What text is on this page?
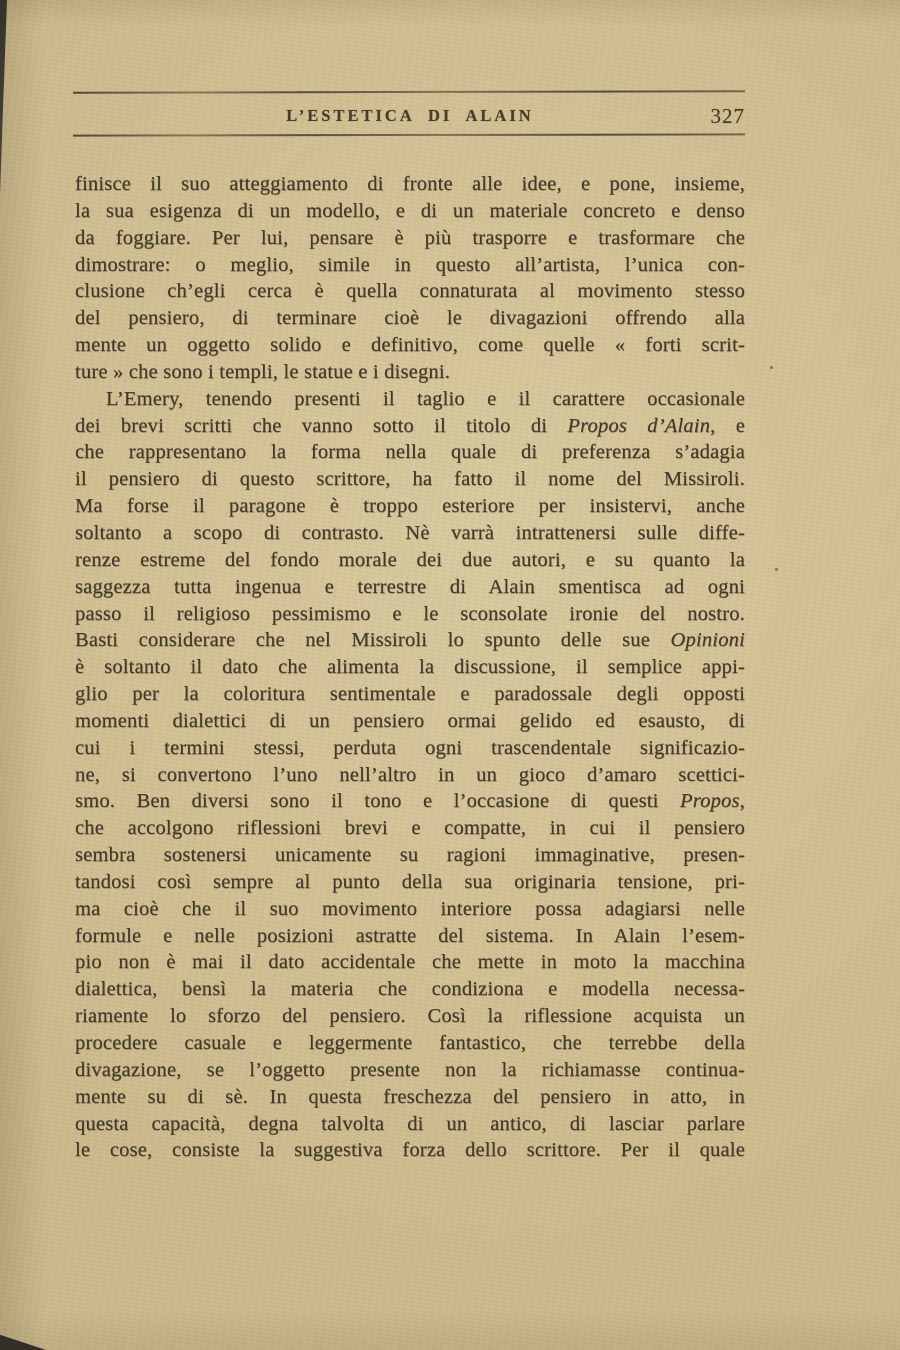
L’ESTETICA DI ALAIN	327
finisce il suo atteggiamento di fronte alle idee, e pone, insieme,
la sua esigenza di un modello, e di un materiale concreto e denso
da foggiare. Per lui, pensare è più trasporre e trasformare che
dimostrare: o meglio, simile in questo all’artista, l’unica con-
clusione ch’egli cerca è quella connaturata al movimento stesso
del pensiero, di terminare cioè le divagazioni offrendo alla
mente un oggetto solido e definitivo, come quelle « forti scrit-
ture » che sono i templi, le statue e i disegni.
L’Emery, tenendo presenti il taglio e il carattere occasionale
dei brevi scritti che vanno sotto il titolo di Propos d’Alain, e
che rappresentano la forma nella quale di preferenza s’adagia
il pensiero di questo scrittore, ha fatto il nome del Missiroli.
Ma forse il paragone è troppo esteriore per insistervi, anche
soltanto a scopo di contrasto. Nè varrà intrattenersi sulle diffe-
renze estreme del fondo morale dei due autori, e su quanto la
saggezza tutta ingenua e terrestre di Alain smentisca ad ogni
passo il religioso pessimismo e le sconsolate ironie del nostro.
Basti considerare che nel Missiroli lo spunto delle sue Opinioni
è soltanto il dato che alimenta la discussione, il semplice appi-
glio per la coloritura sentimentale e paradossale degli opposti
momenti dialettici di un pensiero ormai gelido ed esausto, di
cui i termini stessi, perduta ogni trascendentale significazio-
ne, si convertono l’uno nell’altro in un gioco d’amaro scettici-
smo. Ben diversi sono il tono e l’occasione di questi Propos,
che accolgono riflessioni brevi e compatte, in cui il pensiero
sembra sostenersi unicamente su ragioni immaginative, presen-
tandosi così sempre al punto della sua originaria tensione, pri-
ma cioè che il suo movimento interiore possa adagiarsi nelle
formule e nelle posizioni astratte del sistema. In Alain l’esem-
pio non è mai il dato accidentale che mette in moto la macchina
dialettica, bensì la materia che condiziona e modella necessa-
riamente lo sforzo del pensiero. Così la riflessione acquista un
procedere casuale e leggermente fantastico, che terrebbe della
divagazione, se l’oggetto presente non la richiamasse continua-
mente su di sè. In questa freschezza del pensiero in atto, in
questa capacità, degna talvolta di un antico, di lasciar parlare
le cose, consiste la suggestiva forza dello scrittore. Per il quale
